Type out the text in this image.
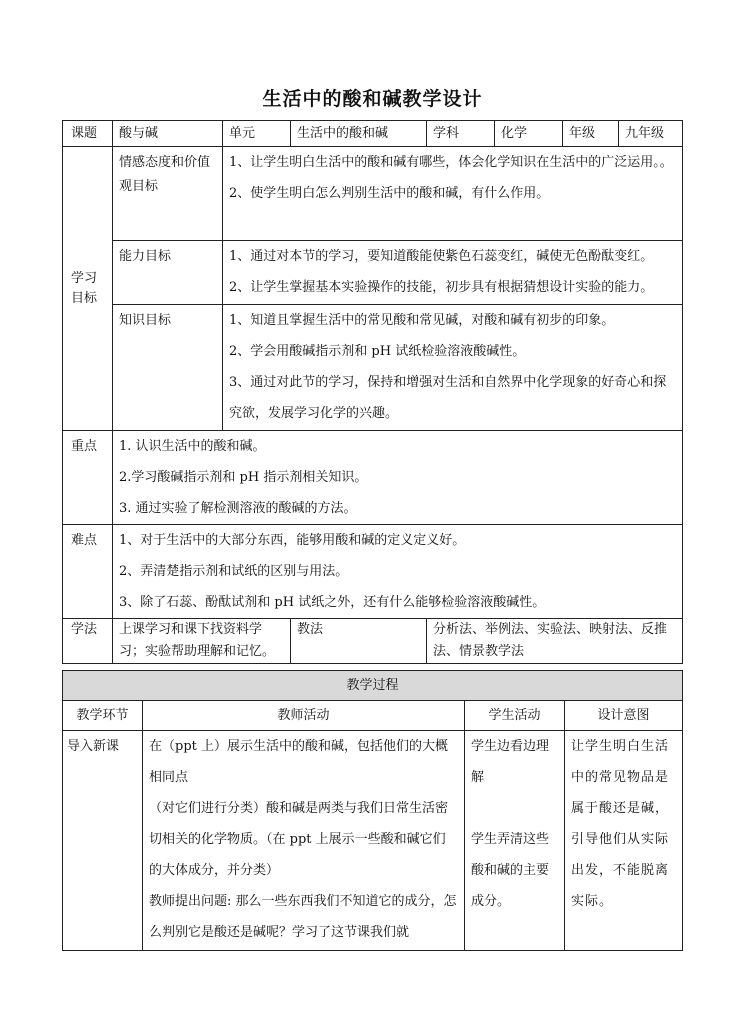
生活中的酸和碱教学设计
课题	酸与碱	单元	生活中的酸和碱	学科	化学	年级	九年级
学习目标	情感态度和价值观目标	1、让学生明白生活中的酸和碱有哪些，体会化学知识在生活中的广泛运用。。
2、使学生明白怎么判别生活中的酸和碱，有什么作用。					

	能力目标	1、通过对本节的学习，要知道酸能使紫色石蕊变红，碱使无色酚酞变红。
2、让学生掌握基本实验操作的技能，初步具有根据猜想设计实验的能力。					

	知识目标	1、知道且掌握生活中的常见酸和常见碱，对酸和碱有初步的印象。
2、学会用酸碱指示剂和 pH 试纸检验溶液酸碱性。
3、通过对此节的学习，保持和增强对生活和自然界中化学现象的好奇心和探究欲，发展学习化学的兴趣。					

重点	1. 认识生活中的酸和碱。
2.学习酸碱指示剂和 pH 指示剂相关知识。
3. 通过实验了解检测溶液的酸碱的方法。						

难点	1、对于生活中的大部分东西，能够用酸和碱的定义定义好。
2、弄清楚指示剂和试纸的区别与用法。
3、除了石蕊、酚酞试剂和 pH 试纸之外，还有什么能够检验溶液酸碱性。						

学法	上课学习和课下找资料学习；实验帮助理解和记忆。		教法	分析法、举例法、实验法、映射法、反推法、情景教学法			
教学过程			
教学环节	教师活动	学生活动	设计意图
导入新课	在（ppt 上）展示生活中的酸和碱，包括他们的大概相同点
（对它们进行分类）酸和碱是两类与我们日常生活密切相关的化学物质。（在 ppt 上展示一些酸和碱它们的大体成分，并分类）
教师提出问题: 那么一些东西我们不知道它的成分，怎么判别它是酸还是碱呢？学习了这节课我们就	学生边看边理解
学生弄清这些酸和碱的主要成分。	让学生明白生活中的常见物品是属于酸还是碱，引导他们从实际出发，不能脱离实际。
